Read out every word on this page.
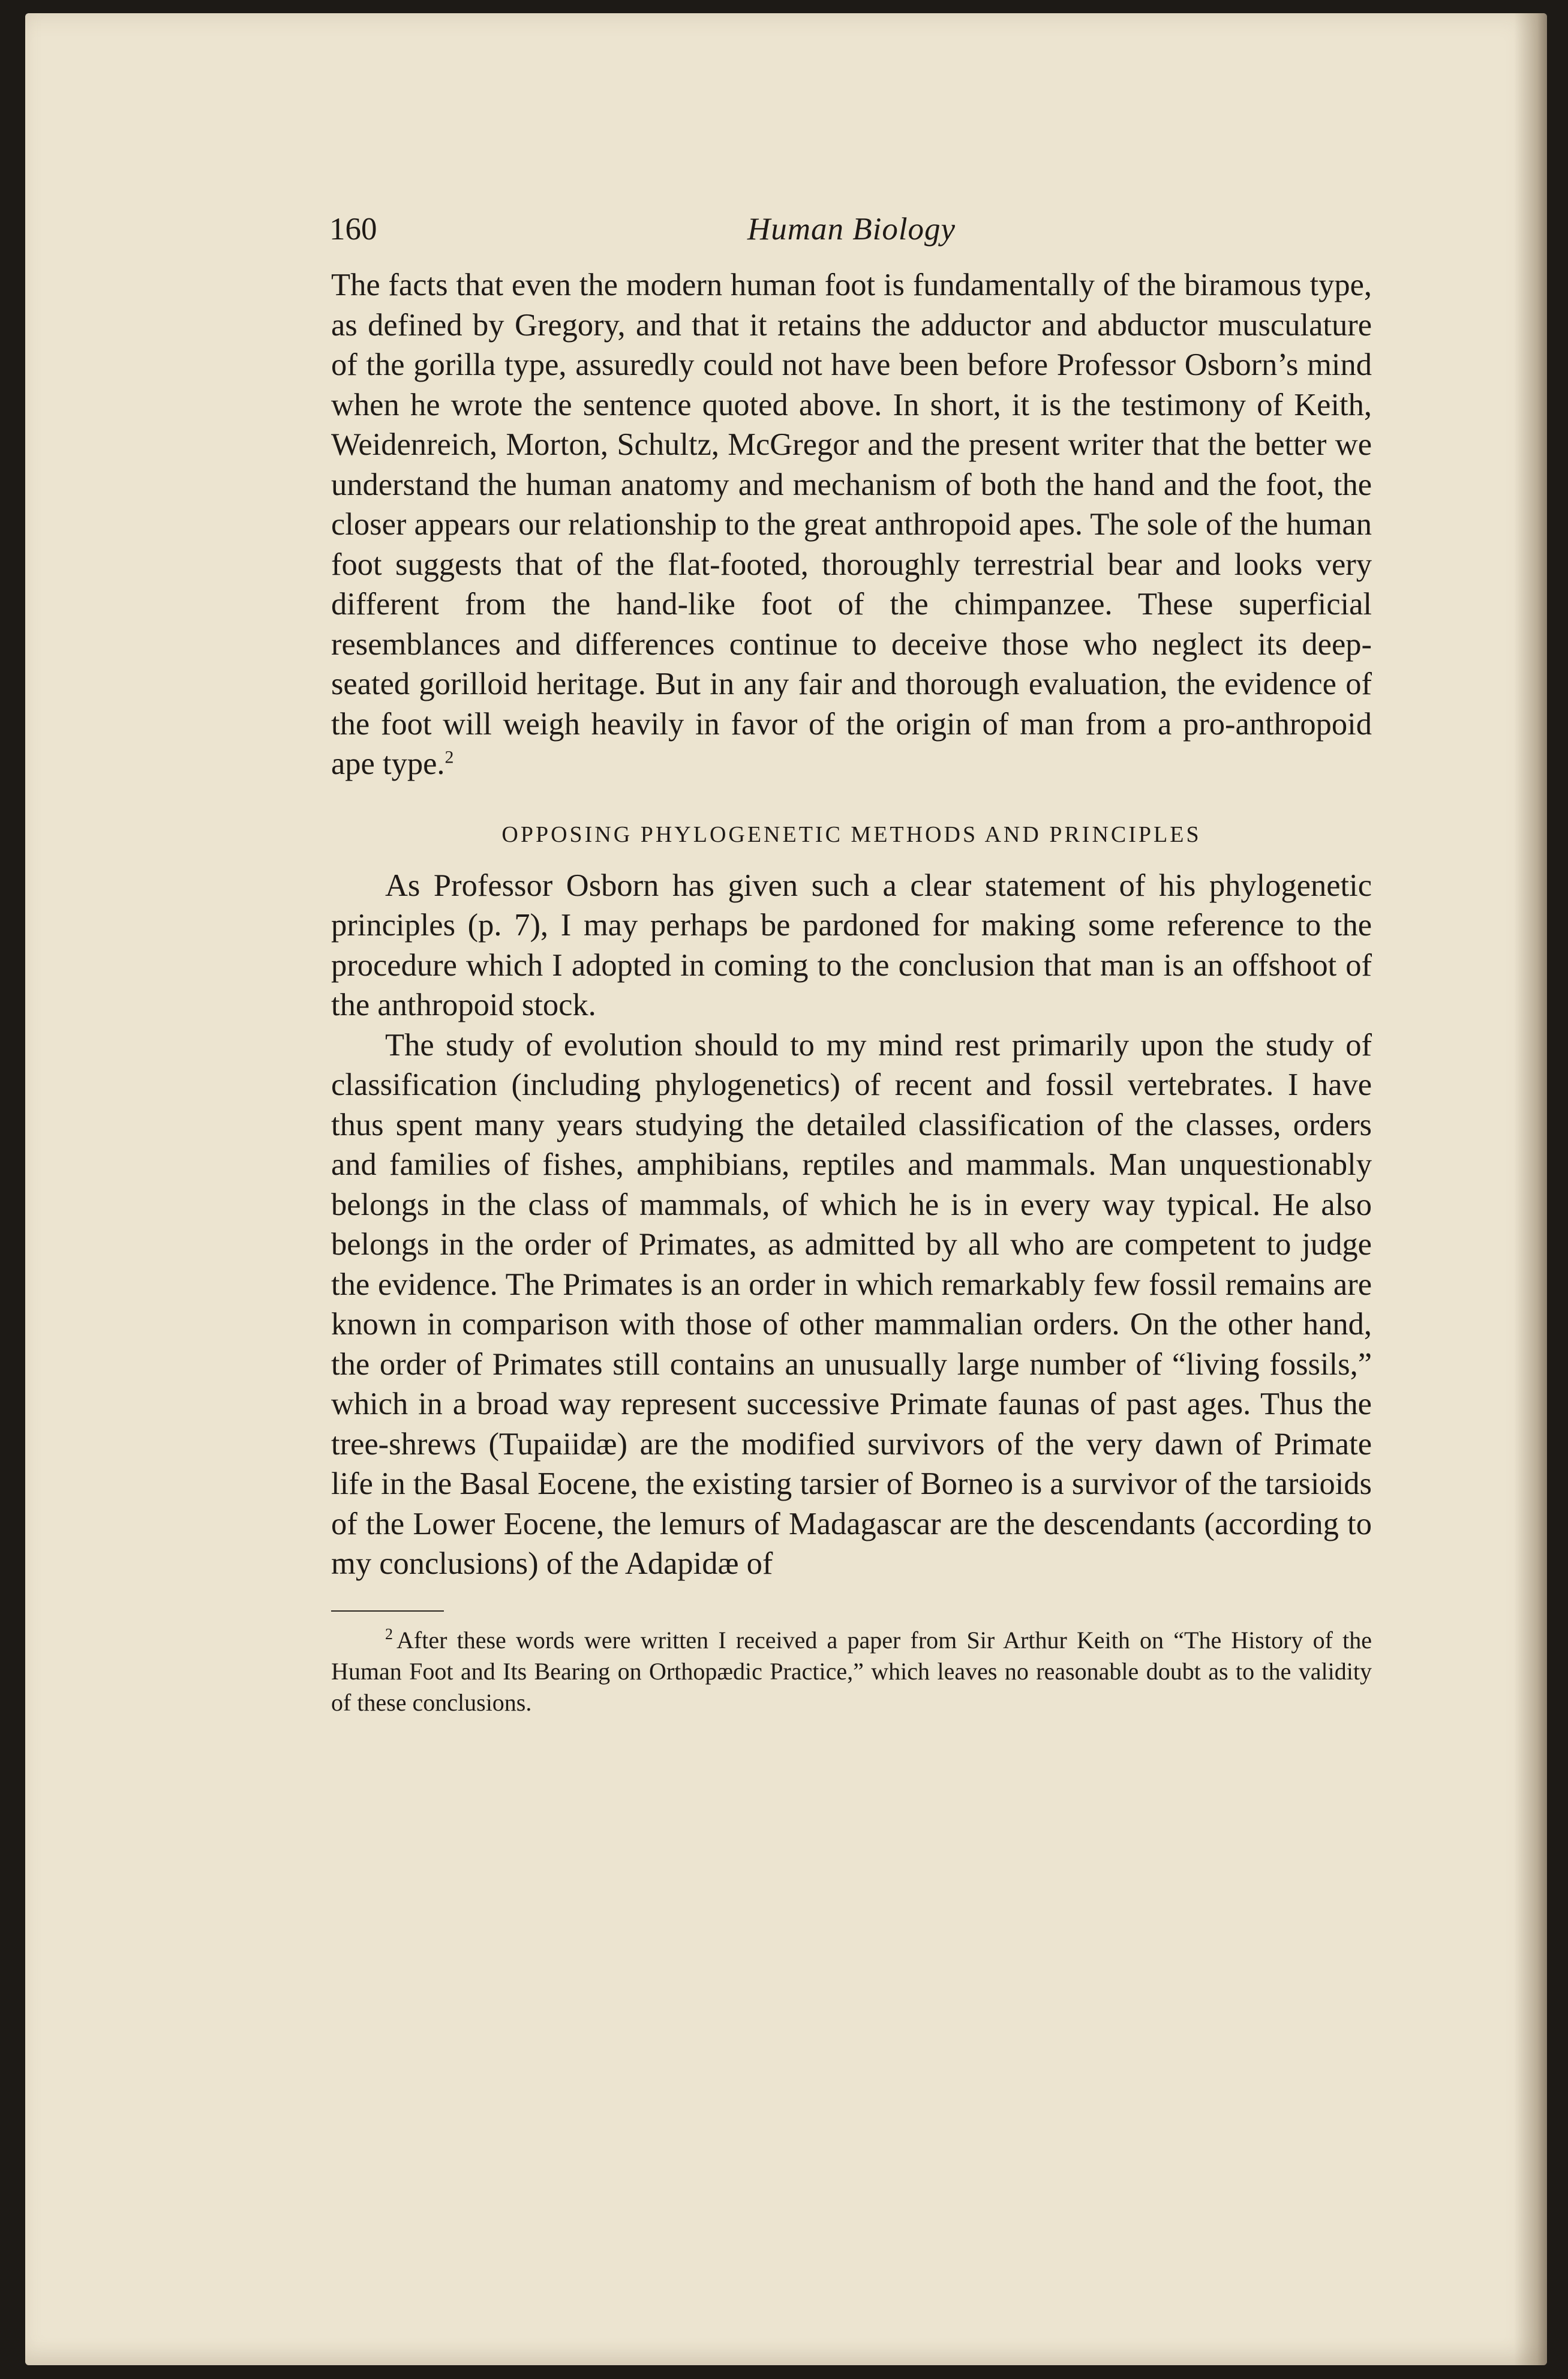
160	Human Biology

The facts that even the modern human foot is fundamentally of the biramous type, as defined by Gregory, and that it retains the adductor and abductor musculature of the gorilla type, assuredly could not have been before Professor Osborn’s mind when he wrote the sentence quoted above. In short, it is the testimony of Keith, Weidenreich, Morton, Schultz, McGregor and the present writer that the better we understand the human anatomy and mechanism of both the hand and the foot, the closer appears our relationship to the great anthropoid apes. The sole of the human foot suggests that of the flat-footed, thoroughly terrestrial bear and looks very different from the hand-like foot of the chimpanzee. These superficial resemblances and differences continue to deceive those who neglect its deep-seated gorilloid heritage. But in any fair and thorough evaluation, the evidence of the foot will weigh heavily in favor of the origin of man from a pro-anthropoid ape type.$^2$

OPPOSING PHYLOGENETIC METHODS AND PRINCIPLES

As Professor Osborn has given such a clear statement of his phylogenetic principles (p. 7), I may perhaps be pardoned for making some reference to the procedure which I adopted in coming to the conclusion that man is an offshoot of the anthropoid stock.

The study of evolution should to my mind rest primarily upon the study of classification (including phylogenetics) of recent and fossil vertebrates. I have thus spent many years studying the detailed classification of the classes, orders and families of fishes, amphibians, reptiles and mammals. Man unquestionably belongs in the class of mammals, of which he is in every way typical. He also belongs in the order of Primates, as admitted by all who are competent to judge the evidence. The Primates is an order in which remarkably few fossil remains are known in comparison with those of other mammalian orders. On the other hand, the order of Primates still contains an unusually large number of “living fossils,” which in a broad way represent successive Primate faunas of past ages. Thus the tree-shrews (Tupaiidæ) are the modified survivors of the very dawn of Primate life in the Basal Eocene, the existing tarsier of Borneo is a survivor of the tarsioids of the Lower Eocene, the lemurs of Madagascar are the descendants (according to my conclusions) of the Adapidæ of

$^2$ After these words were written I received a paper from Sir Arthur Keith on “The History of the Human Foot and Its Bearing on Orthopædic Practice,” which leaves no reasonable doubt as to the validity of these conclusions.
